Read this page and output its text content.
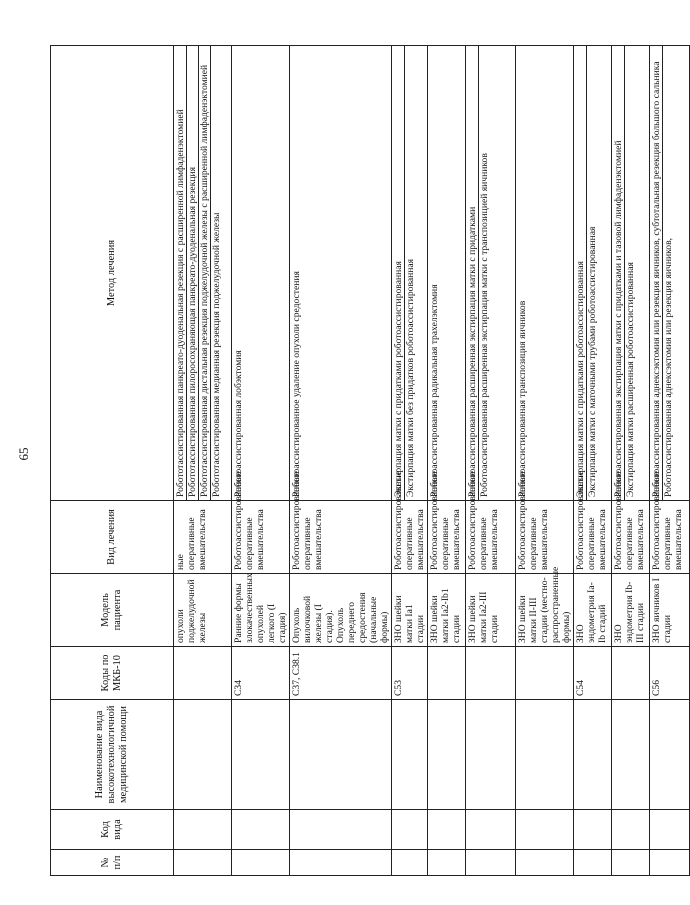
65
№ п/п	Код вида	Наименование вида высокотехнологичной медицинской помощи	Коды по МКБ-10	Модель пациента	Вид лечения	Метод лечения
				опухоли поджелудочной железы	ные оперативные вмешательства	Робототассистированная панкреато-дуоденальная резекция с расширенной лимфаденэктомией Робототассистированная пилоросохраняющая панкреато-дуоденальная резекция Робототассистированная дистальная резекция поджелудочной железы с расширенной лимфаденэктомией Робототассистированная медианная резекция поджелудочной железы

			C34	Ранние формы злокачественных опухолей легкого (I стадия)	Роботоассистированные оперативные вмешательства	Роботоассистированная лобэктомия

			C37, C38.1	Опухоль вилочковой железы (I стадия). Опухоль переднего средостения (начальные формы)	Роботоассистированные оперативные вмешательства	Роботоассистированное удаление опухоли средостения

			C53	ЗНО шейки матки Ia1 стадии	Роботоассистированные оперативные вмешательства	Экстирпация матки с придатками роботоассистированная Экстирпация матки без придатков роботоассистированная

				ЗНО шейки матки Ia2-Ib1 стадии	Роботоассистированные оперативные вмешательства	Роботоассистированная радикальная трахелэктомия

				ЗНО шейки матки Ia2-III стадии	Роботоассистированные оперативные вмешательства	Роботоассистированная расширенная экстирпация матки с придатками Роботоассистированная расширенная экстирпация матки с транспозицией яичников

				ЗНО шейки матки II-III стадии (местно-распространенные формы)	Роботоассистированные оперативные вмешательства	Роботоассистированная транспозиция яичников

			C54	ЗНО эндометрия Ia-Ib стадий	Роботоассистированные оперативные вмешательства	Экстирпация матки с придатками роботоассистированная Экстирпация матки с маточными трубами роботоассистированная

				ЗНО эндометрия Ib-III стадии	Роботоассистированные оперативные вмешательства	Роботоассистированная экстирпация матки с придатками и тазовой лимфаденэктомией Экстирпация матки расширенная роботоассистированная

			C56	ЗНО яичников I стадии	Роботоассистированные оперативные вмешательства	Роботоассистированная аднексэктомия или резекция яичников, субтотальная резекция большого сальника Роботоассистированная аднексэктомия или резекция яичников,
